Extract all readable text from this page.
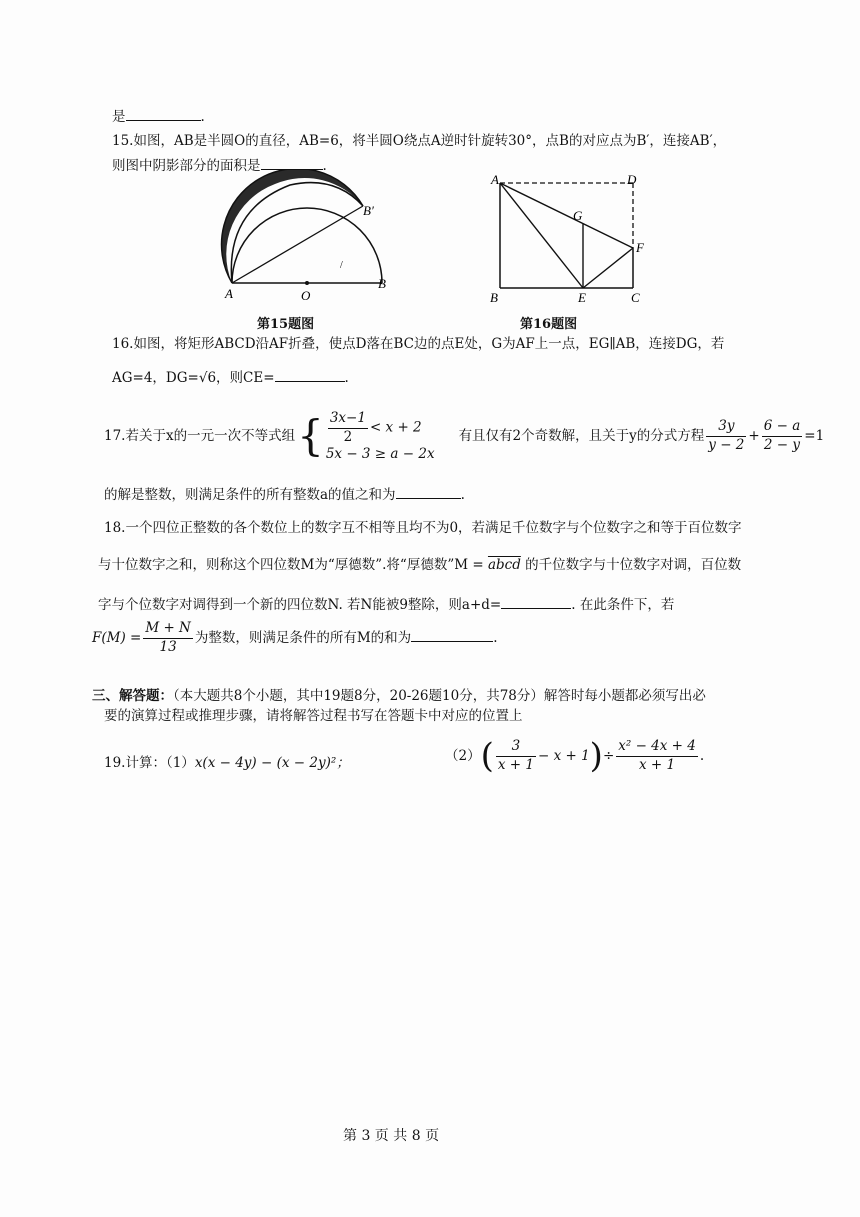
是	.
15.如图，AB是半圆O的直径，AB=6，将半圆O绕点A逆时针旋转30°，点B的对应点为B′，连接AB′，
则图中阴影部分的面积是	.
A	O
B
B′
/
第15题图
A	D
G
F
B	E	C
第16题图
16.如图，将矩形ABCD沿AF折叠，使点D落在BC边的点E处，G为AF上一点，EG∥AB，连接DG，若
AG=4，DG=√6，则CE=	.
17.若关于x的一元一次不等式组 { $\frac{3x-1}{2} < x + 2$
5x − 3 ≥ a − 2x
有且仅有2个奇数解，且关于y的分式方程 $\frac{3y}{y - 2} + \frac{6 - a}{2 - y} =1$
的解是整数，则满足条件的所有整数a的值之和为	.
18.一个四位正整数的各个数位上的数字互不相等且均不为0，若满足千位数字与个位数字之和等于百位数字
与十位数字之和，则称这个四位数M为“厚德数”.将“厚德数”M = abcd 的千位数字与十位数字对调，百位数
字与个位数字对调得到一个新的四位数N. 若N能被9整除，则a+d=	. 在此条件下，若
$F(M) = \frac{M + N}{13}$ 为整数，则满足条件的所有M的和为	.
三、解答题：（本大题共8个小题，其中19题8分，20-26题10分，共78分）解答时每小题都必须写出必
要的演算过程或推理步骤，请将解答过程书写在答题卡中对应的位置上
19.计算：（1）x(x − 4y) − (x − 2y)²；	（2） ( $\frac{3}{x + 1} - x + 1$ ) ÷ $\frac{\text{x² − 4x + 4}}{x + 1}$ .
第 3 页 共 8 页
